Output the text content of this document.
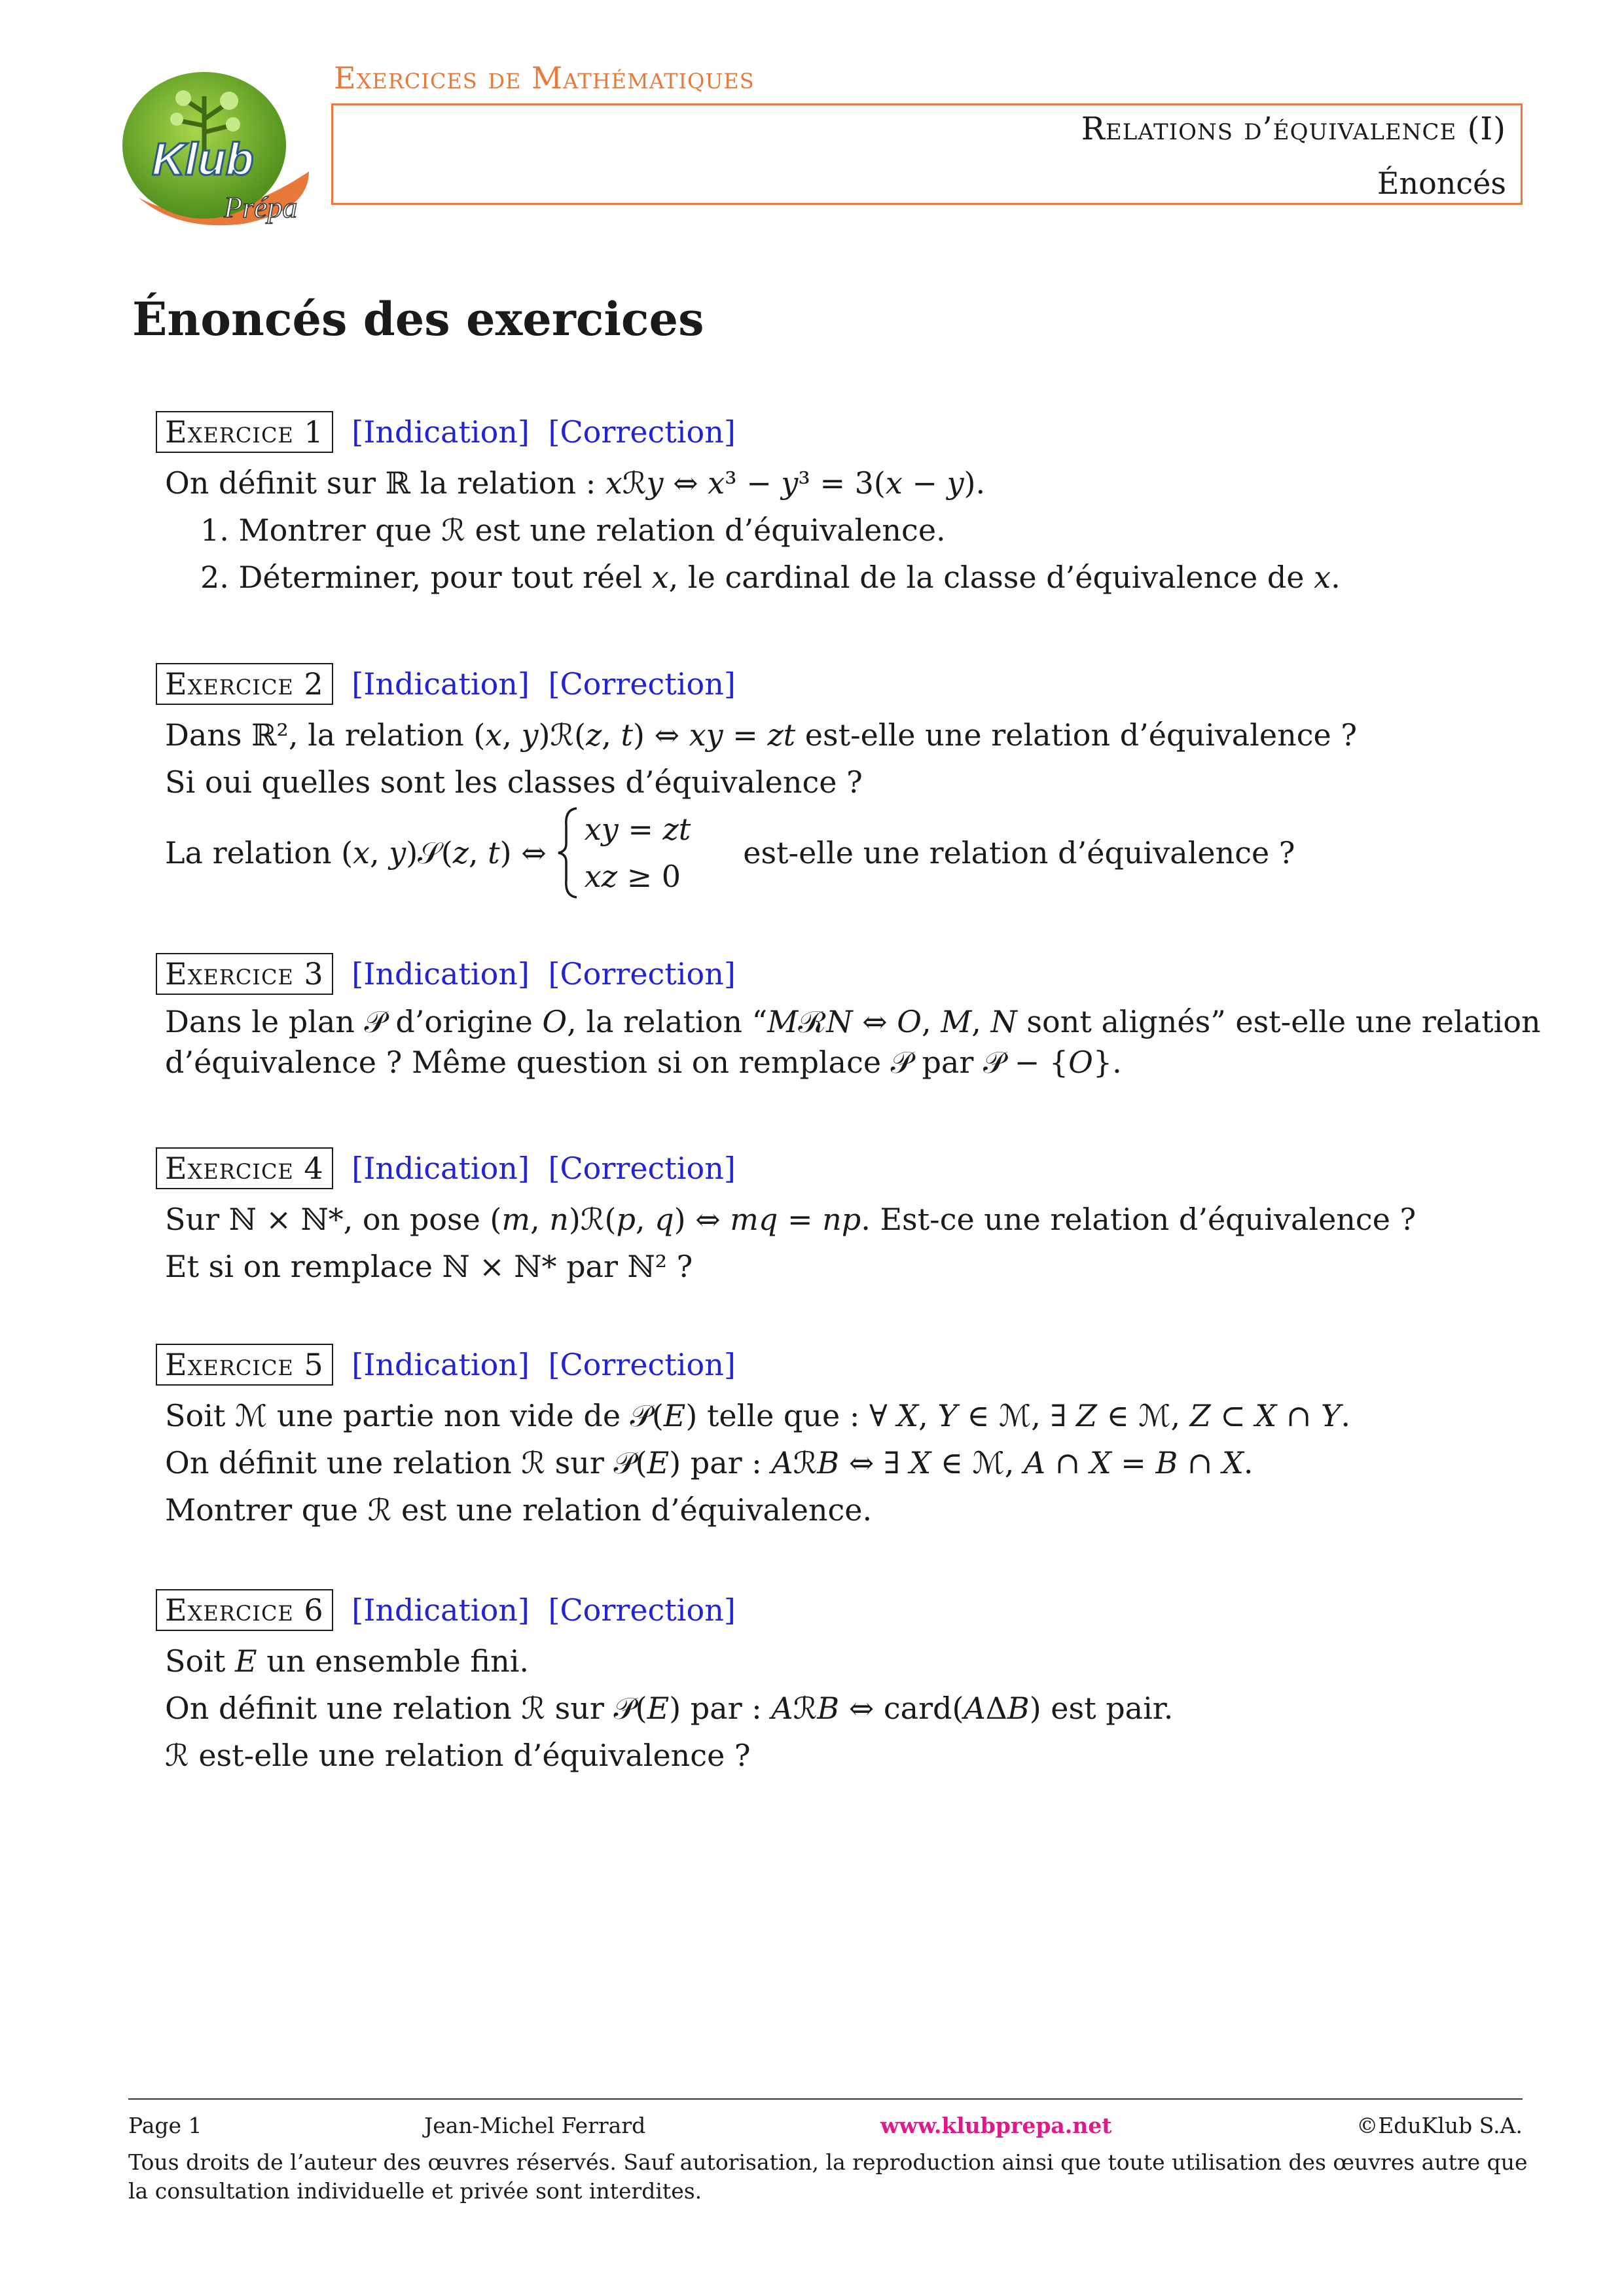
Klub
Prépa
Exercices de Mathématiques
Relations d’équivalence (I)
Énoncés
Énoncés des exercices
Exercice 1 [Indication] [Correction]
On définit sur ℝ la relation : 𝑥ℛ𝑦 ⇔ 𝑥³ − 𝑦³ = 3(𝑥 − 𝑦).
1. Montrer que ℛ est une relation d’équivalence.
2. Déterminer, pour tout réel 𝑥, le cardinal de la classe d’équivalence de 𝑥.
Exercice 2 [Indication] [Correction]
Dans ℝ², la relation (𝑥, 𝑦)ℛ(𝑧, 𝑡) ⇔ 𝑥𝑦 = 𝑧𝑡 est-elle une relation d’équivalence ?
Si oui quelles sont les classes d’équivalence ?
La relation (𝑥, 𝑦)𝒮(𝑧, 𝑡) ⇔
𝑥𝑦 = 𝑧𝑡
𝑥𝑧 ≥ 0
est-elle une relation d’équivalence ?
Exercice 3 [Indication] [Correction]
Dans le plan 𝒫 d’origine 𝑂, la relation “𝑀ℛ𝑁 ⇔ 𝑂, 𝑀, 𝑁 sont alignés” est-elle une relation
d’équivalence ? Même question si on remplace 𝒫 par 𝒫 − {𝑂}.
Exercice 4 [Indication] [Correction]
Sur ℕ × ℕ*, on pose (𝑚, 𝑛)ℛ(𝑝, 𝑞) ⇔ 𝑚𝑞 = 𝑛𝑝. Est-ce une relation d’équivalence ?
Et si on remplace ℕ × ℕ* par ℕ² ?
Exercice 5 [Indication] [Correction]
Soit ℳ une partie non vide de 𝒫(𝐸) telle que : ∀ 𝑋, 𝑌 ∈ ℳ, ∃ 𝑍 ∈ ℳ, 𝑍 ⊂ 𝑋 ∩ 𝑌.
On définit une relation ℛ sur 𝒫(𝐸) par : 𝐴ℛ𝐵 ⇔ ∃ 𝑋 ∈ ℳ, 𝐴 ∩ 𝑋 = 𝐵 ∩ 𝑋.
Montrer que ℛ est une relation d’équivalence.
Exercice 6 [Indication] [Correction]
Soit 𝐸 un ensemble fini.
On définit une relation ℛ sur 𝒫(𝐸) par : 𝐴ℛ𝐵 ⇔ card(𝐴Δ𝐵) est pair.
ℛ est-elle une relation d’équivalence ?
Page 1	Jean-Michel Ferrard	www.klubprepa.net	©EduKlub S.A.
Tous droits de l’auteur des œuvres réservés. Sauf autorisation, la reproduction ainsi que toute utilisation des œuvres autre que la consultation individuelle et privée sont interdites.
